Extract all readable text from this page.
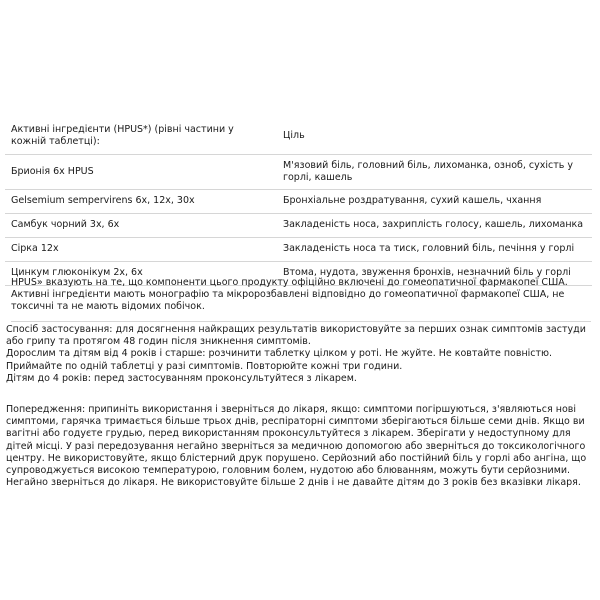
Активні інгредієнти (HPUS*) (рівні частини у кожній таблетці):	Ціль
Брионія 6х HPUS	М'язовий біль, головний біль, лихоманка, озноб, сухість у горлі, кашель
Gelsemium sempervirens 6x, 12x, 30x	Бронхіальне роздратування, сухий кашель, чхання
Самбук чорний 3x, 6x	Закладеність носа, захриплість голосу, кашель, лихоманка
Сірка 12x	Закладеність носа та тиск, головний біль, печіння у горлі
Цинкум глюконікум 2x, 6x	Втома, нудота, звуження бронхів, незначний біль у горлі

HPUS» вказують на те, що компоненти цього продукту офіційно включені до гомеопатичної фармакопеї США.

Активні інгредієнти мають монографію та мікророзбавлені відповідно до гомеопатичної фармакопеї США, не токсичні та не мають відомих побічок.

Спосіб застосування: для досягнення найкращих результатів використовуйте за перших ознак симптомів застуди або грипу та протягом 48 годин після зникнення симптомів.

Дорослим та дітям від 4 років і старше: розчинити таблетку цілком у роті. Не жуйте. Не ковтайте повністю. Приймайте по одній таблетці у разі симптомів. Повторюйте кожні три години.

Дітям до 4 років: перед застосуванням проконсультуйтеся з лікарем.

Попередження: припиніть використання і зверніться до лікаря, якщо: симптоми погіршуються, з'являються нові симптоми, гарячка тримається більше трьох днів, респіраторні симптоми зберігаються більше семи днів. Якщо ви вагітні або годуєте грудью, перед використанням проконсультуйтеся з лікарем. Зберігати у недоступному для дітей місці. У разі передозування негайно зверніться за медичною допомогою або зверніться до токсикологічного центру. Не використовуйте, якщо блістерний друк порушено. Серйозний або постійний біль у горлі або ангіна, що супроводжується високою температурою, головним болем, нудотою або блюванням, можуть бути серйозними. Негайно зверніться до лікаря. Не використовуйте більше 2 днів і не давайте дітям до 3 років без вказівки лікаря.
